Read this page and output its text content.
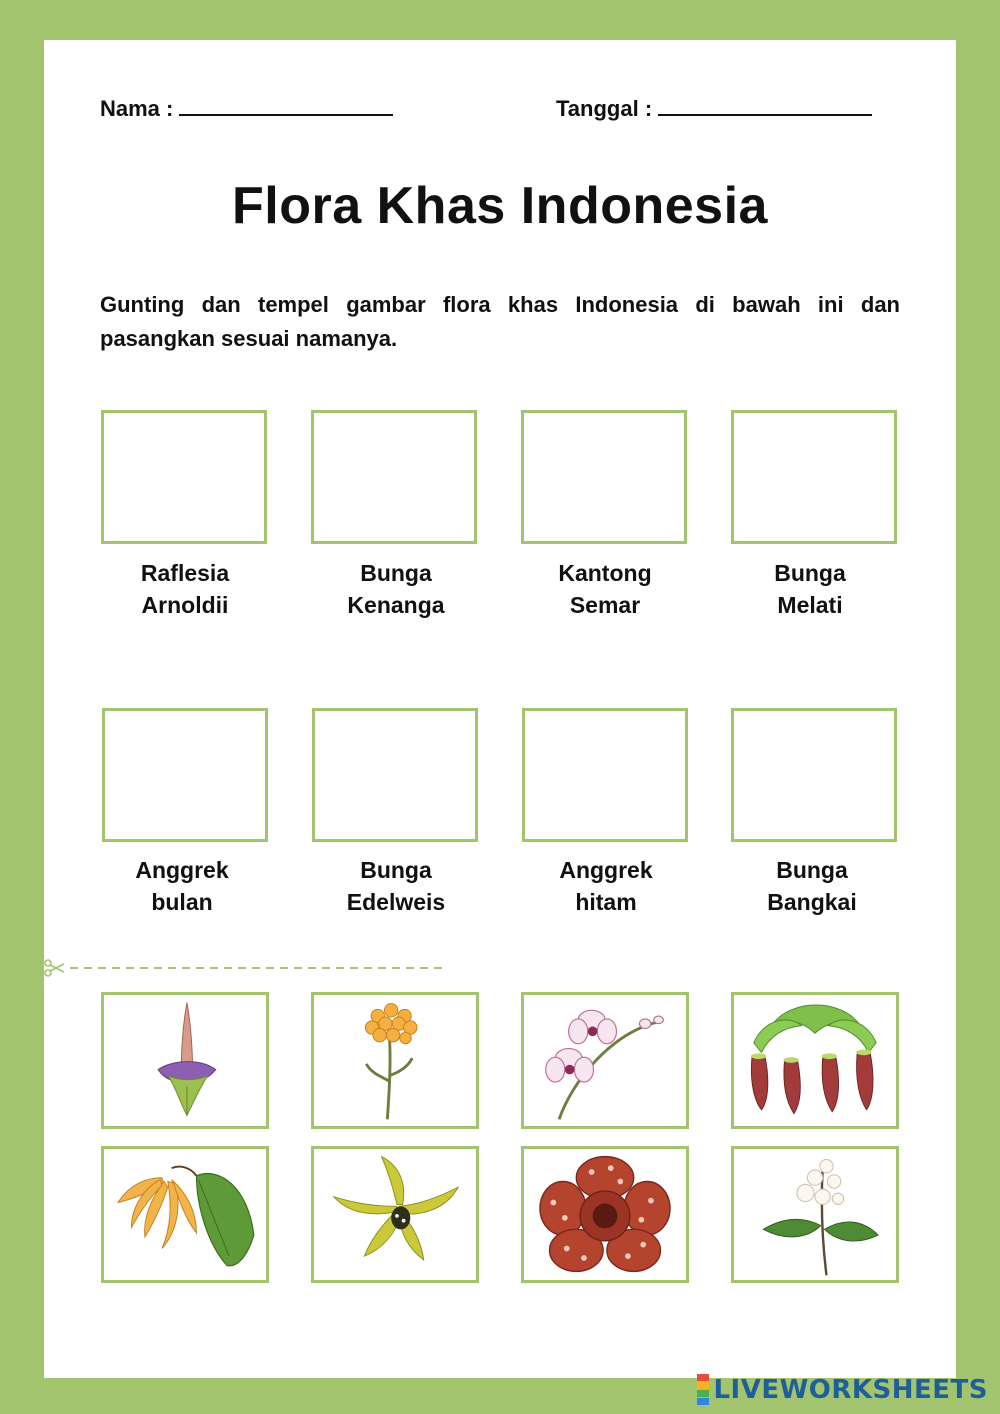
Nama :	Tanggal :
Flora Khas Indonesia
Gunting dan tempel gambar flora khas Indonesia di bawah ini dan pasangkan sesuai namanya.
Raflesia
Arnoldii
Bunga
Kenanga
Kantong
Semar
Bunga
Melati
Anggrek
bulan
Bunga
Edelweis
Anggrek
hitam
Bunga
Bangkai
LIVEWORKSHEETS
